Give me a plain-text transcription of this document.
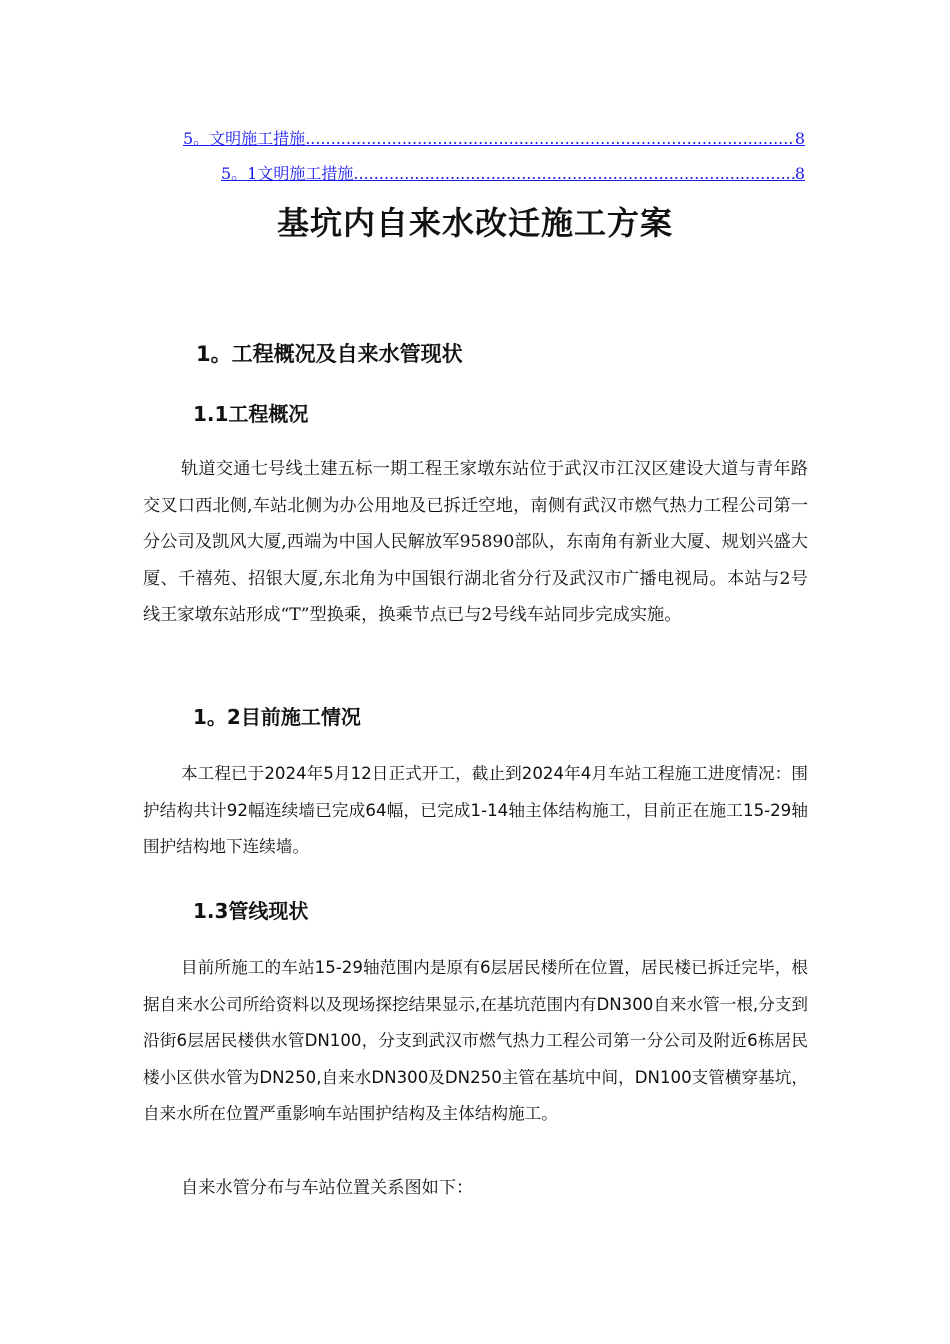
5。文明施工措施 .....	8
5。1文明施工措施 .....	8
基坑内自来水改迁施工方案
1。工程概况及自来水管现状
1.1工程概况

轨道交通七号线土建五标一期工程王家墩东站位于武汉市江汉区建设大道与青年路交叉口西北侧,车站北侧为办公用地及已拆迁空地，南侧有武汉市燃气热力工程公司第一分公司及凯风大厦,西端为中国人民解放军95890部队，东南角有新业大厦、规划兴盛大厦、千禧苑、招银大厦,东北角为中国银行湖北省分行及武汉市广播电视局。本站与2号线王家墩东站形成“T”型换乘，换乘节点已与2号线车站同步完成实施。

1。2目前施工情况

本工程已于2024年5月12日正式开工，截止到2024年4月车站工程施工进度情况：围护结构共计92幅连续墙已完成64幅，已完成1-14轴主体结构施工，目前正在施工15-29轴围护结构地下连续墙。

1.3管线现状

目前所施工的车站15-29轴范围内是原有6层居民楼所在位置，居民楼已拆迁完毕，根据自来水公司所给资料以及现场探挖结果显示,在基坑范围内有DN300自来水管一根,分支到沿街6层居民楼供水管DN100，分支到武汉市燃气热力工程公司第一分公司及附近6栋居民楼小区供水管为DN250,自来水DN300及DN250主管在基坑中间，DN100支管横穿基坑，自来水所在位置严重影响车站围护结构及主体结构施工。

自来水管分布与车站位置关系图如下：
